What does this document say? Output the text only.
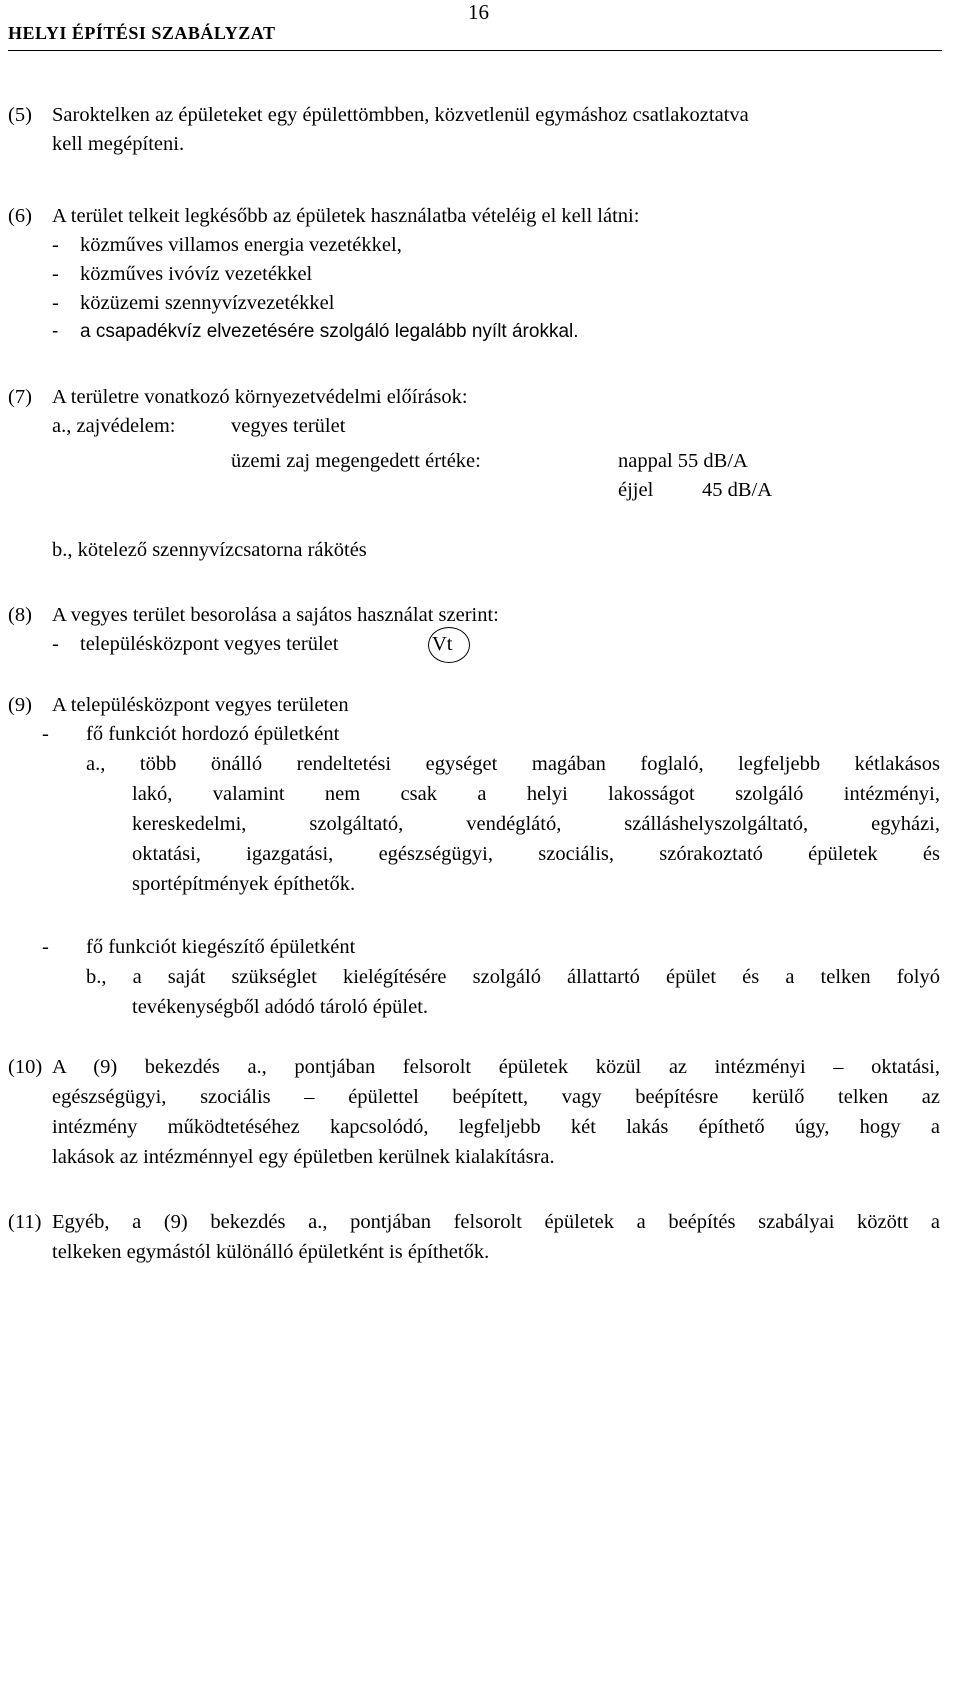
16
HELYI ÉPÍTÉSI SZABÁLYZAT
(5) Saroktelken az épületeket egy épülettömbben, közvetlenül egymáshoz csatlakoztatva
kell megépíteni.
(6) A terület telkeit legkésőbb az épületek használatba vételéig el kell látni:
- közműves villamos energia vezetékkel,
- közműves ivóvíz vezetékkel
- közüzemi szennyvízvezetékkel
- a csapadékvíz elvezetésére szolgáló legalább nyílt árokkal.
(7) A területre vonatkozó környezetvédelmi előírások:
a., zajvédelem:	vegyes terület
üzemi zaj megengedett értéke:	nappal 55 dB/A
éjjel 45 dB/A
b., kötelező szennyvízcsatorna rákötés
(8) A vegyes terület besorolása a sajátos használat szerint:
- településközpont vegyes terület	Vt
(9) A településközpont vegyes területen
- fő funkciót hordozó épületként
a., több önálló rendeltetési egységet magában foglaló, legfeljebb kétlakásos
lakó, valamint nem csak a helyi lakosságot szolgáló intézményi,
kereskedelmi, szolgáltató, vendéglátó, szálláshelyszolgáltató, egyházi,
oktatási, igazgatási, egészségügyi, szociális, szórakoztató épületek és
sportépítmények építhetők.
- fő funkciót kiegészítő épületként
b., a saját szükséglet kielégítésére szolgáló állattartó épület és a telken folyó
tevékenységből adódó tároló épület.
(10) A (9) bekezdés a., pontjában felsorolt épületek közül az intézményi – oktatási,
egészségügyi, szociális – épülettel beépített, vagy beépítésre kerülő telken az
intézmény működtetéséhez kapcsolódó, legfeljebb két lakás építhető úgy, hogy a
lakások az intézménnyel egy épületben kerülnek kialakításra.
(11) Egyéb, a (9) bekezdés a., pontjában felsorolt épületek a beépítés szabályai között a
telkeken egymástól különálló épületként is építhetők.
